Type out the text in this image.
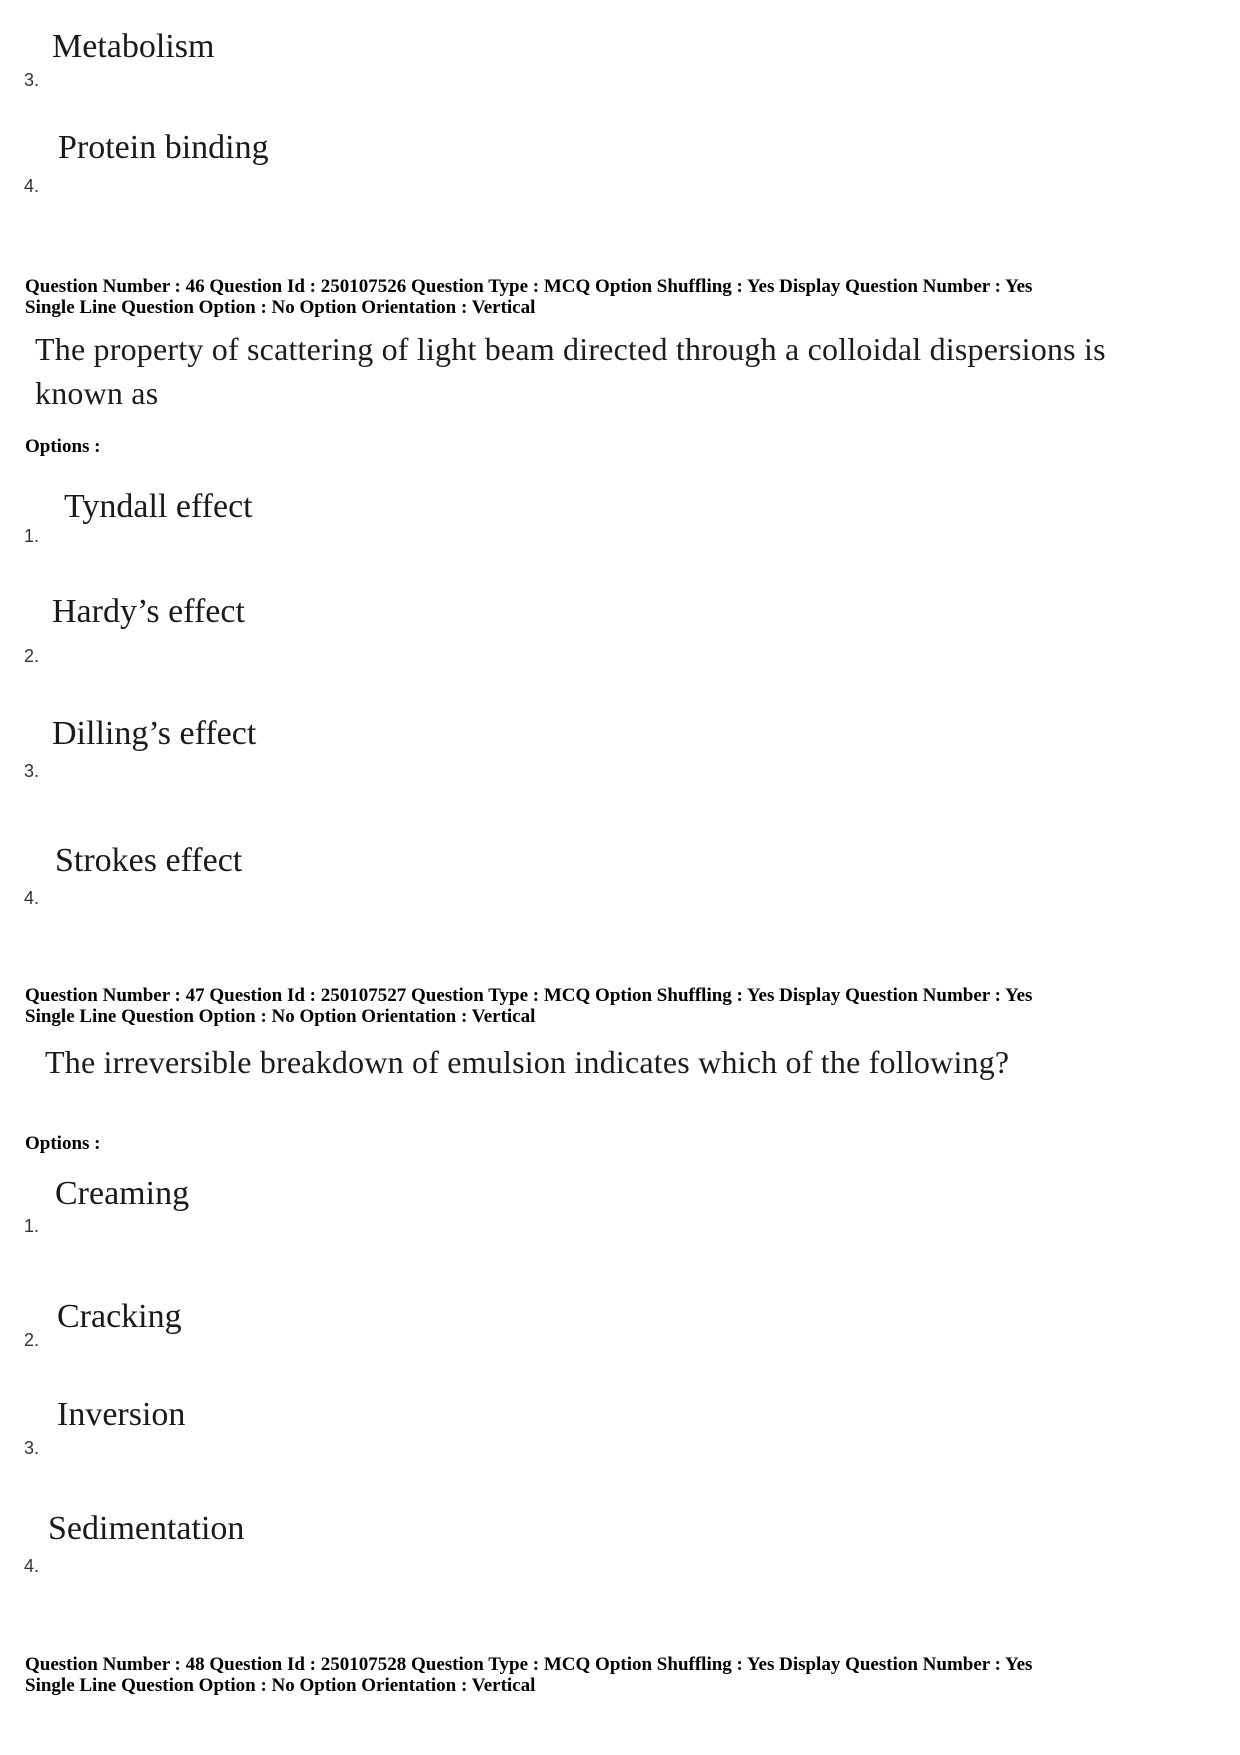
Metabolism
3.
Protein binding
4.
Question Number : 46 Question Id : 250107526 Question Type : MCQ Option Shuffling : Yes Display Question Number : Yes
Single Line Question Option : No Option Orientation : Vertical
The property of scattering of light beam directed through a colloidal dispersions is
known as
Options :
Tyndall effect
1.
Hardy’s effect
2.
Dilling’s effect
3.
Strokes effect
4.
Question Number : 47 Question Id : 250107527 Question Type : MCQ Option Shuffling : Yes Display Question Number : Yes
Single Line Question Option : No Option Orientation : Vertical
The irreversible breakdown of emulsion indicates which of the following?
Options :
Creaming
1.
Cracking
2.
Inversion
3.
Sedimentation
4.
Question Number : 48 Question Id : 250107528 Question Type : MCQ Option Shuffling : Yes Display Question Number : Yes
Single Line Question Option : No Option Orientation : Vertical
